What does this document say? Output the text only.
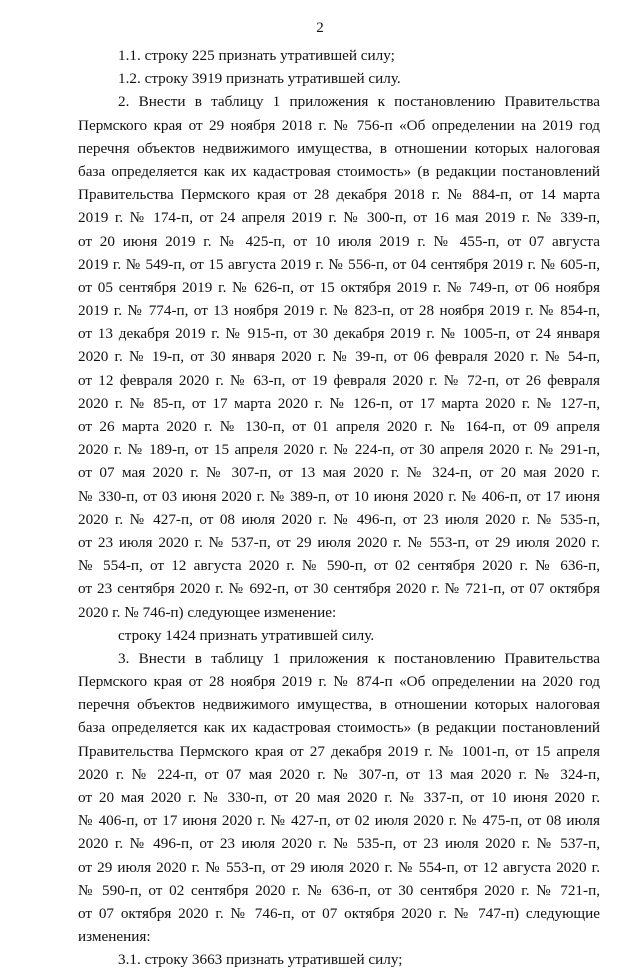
2
1.1. строку 225 признать утратившей силу;
1.2. строку 3919 признать утратившей силу.
2. Внести в таблицу 1 приложения к постановлению Правительства
Пермского края от 29 ноября 2018 г. № 756-п «Об определении на 2019 год
перечня объектов недвижимого имущества, в отношении которых налоговая
база определяется как их кадастровая стоимость» (в редакции постановлений
Правительства Пермского края от 28 декабря 2018 г. № 884-п, от 14 марта
2019 г. № 174-п, от 24 апреля 2019 г. № 300-п, от 16 мая 2019 г. № 339-п,
от 20 июня 2019 г. № 425-п, от 10 июля 2019 г. № 455-п, от 07 августа
2019 г. № 549-п, от 15 августа 2019 г. № 556-п, от 04 сентября 2019 г. № 605-п,
от 05 сентября 2019 г. № 626-п, от 15 октября 2019 г. № 749-п, от 06 ноября
2019 г. № 774-п, от 13 ноября 2019 г. № 823-п, от 28 ноября 2019 г. № 854-п,
от 13 декабря 2019 г. № 915-п, от 30 декабря 2019 г. № 1005-п, от 24 января
2020 г. № 19-п, от 30 января 2020 г. № 39-п, от 06 февраля 2020 г. № 54-п,
от 12 февраля 2020 г. № 63-п, от 19 февраля 2020 г. № 72-п, от 26 февраля
2020 г. № 85-п, от 17 марта 2020 г. № 126-п, от 17 марта 2020 г. № 127-п,
от 26 марта 2020 г. № 130-п, от 01 апреля 2020 г. № 164-п, от 09 апреля
2020 г. № 189-п, от 15 апреля 2020 г. № 224-п, от 30 апреля 2020 г. № 291-п,
от 07 мая 2020 г. № 307-п, от 13 мая 2020 г. № 324-п, от 20 мая 2020 г.
№ 330-п, от 03 июня 2020 г. № 389-п, от 10 июня 2020 г. № 406-п, от 17 июня
2020 г. № 427-п, от 08 июля 2020 г. № 496-п, от 23 июля 2020 г. № 535-п,
от 23 июля 2020 г. № 537-п, от 29 июля 2020 г. № 553-п, от 29 июля 2020 г.
№ 554-п, от 12 августа 2020 г. № 590-п, от 02 сентября 2020 г. № 636-п,
от 23 сентября 2020 г. № 692-п, от 30 сентября 2020 г. № 721-п, от 07 октября
2020 г. № 746-п) следующее изменение:
строку 1424 признать утратившей силу.
3. Внести в таблицу 1 приложения к постановлению Правительства
Пермского края от 28 ноября 2019 г. № 874-п «Об определении на 2020 год
перечня объектов недвижимого имущества, в отношении которых налоговая
база определяется как их кадастровая стоимость» (в редакции постановлений
Правительства Пермского края от 27 декабря 2019 г. № 1001-п, от 15 апреля
2020 г. № 224-п, от 07 мая 2020 г. № 307-п, от 13 мая 2020 г. № 324-п,
от 20 мая 2020 г. № 330-п, от 20 мая 2020 г. № 337-п, от 10 июня 2020 г.
№ 406-п, от 17 июня 2020 г. № 427-п, от 02 июля 2020 г. № 475-п, от 08 июля
2020 г. № 496-п, от 23 июля 2020 г. № 535-п, от 23 июля 2020 г. № 537-п,
от 29 июля 2020 г. № 553-п, от 29 июля 2020 г. № 554-п, от 12 августа 2020 г.
№ 590-п, от 02 сентября 2020 г. № 636-п, от 30 сентября 2020 г. № 721-п,
от 07 октября 2020 г. № 746-п, от 07 октября 2020 г. № 747-п) следующие
изменения:
3.1. строку 3663 признать утратившей силу;
